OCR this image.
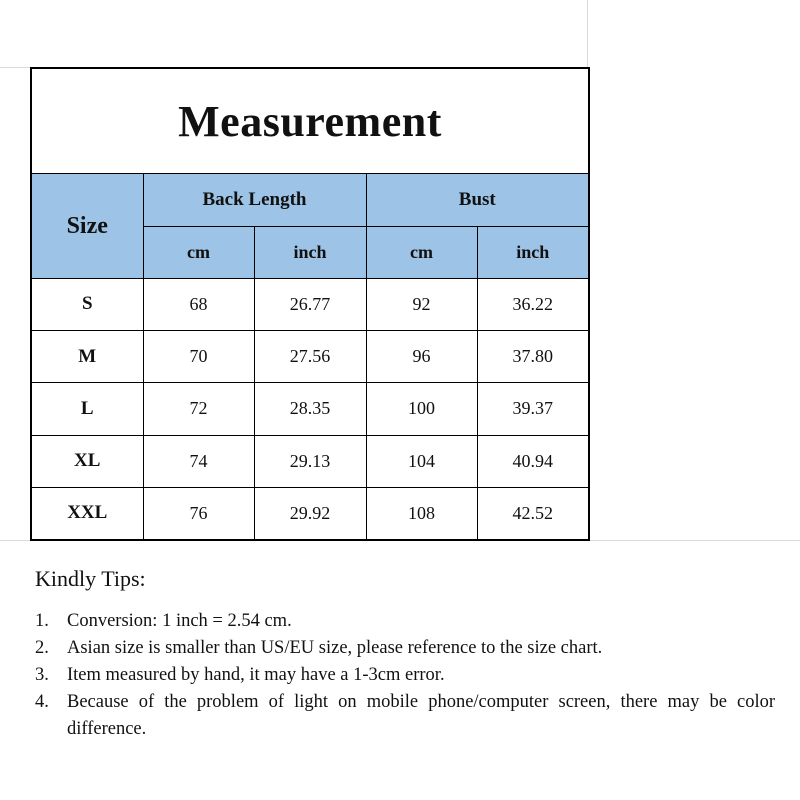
Measurement				
Size	Back Length		Bust	
	cm	inch	cm	inch
S	68	26.77	92	36.22
M	70	27.56	96	37.80
L	72	28.35	100	39.37
XL	74	29.13	104	40.94
XXL	76	29.92	108	42.52
Kindly Tips:
1. Conversion: 1 inch = 2.54 cm.
2. Asian size is smaller than US/EU size, please reference to the size chart.
3. Item measured by hand, it may have a 1-3cm error.
4. Because of the problem of light on mobile phone/computer screen, there may be color difference.
